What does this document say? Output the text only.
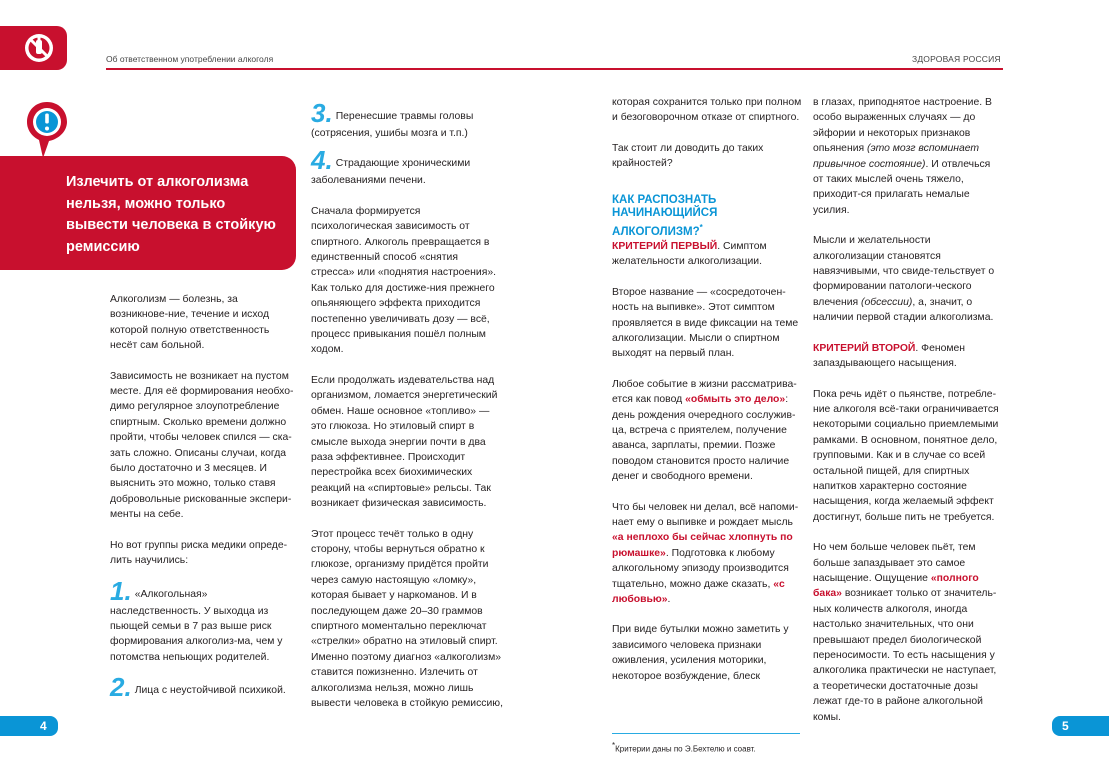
Об ответственном употреблении алкоголя	ЗДОРОВАЯ РОССИЯ
Излечить от алкоголизма нельзя, можно только вывести человека в стойкую ремиссию

Алкоголизм — болезнь, за возникнове-ние, течение и исход которой полную ответственность несёт сам больной.

Зависимость не возникает на пустом месте. Для её формирования необхо-димо регулярное злоупотребление спиртным. Сколько времени должно пройти, чтобы человек спился — ска-зать сложно. Описаны случаи, когда было достаточно и 3 месяцев. И выяснить это можно, только ставя добровольные рискованные экспери-менты на себе.

Но вот группы риска медики опреде-лить научились:

1. «Алкогольная» наследственность. У выходца из пьющей семьи в 7 раз выше риск формирования алкоголиз-ма, чем у потомства непьющих родителей.

2. Лица с неустойчивой психикой.

3. Перенесшие травмы головы (сотрясения, ушибы мозга и т.п.)

4. Страдающие хроническими заболеваниями печени.

Сначала формируется психологическая зависимость от спиртного. Алкоголь превращается в единственный способ «снятия стресса» или «поднятия настроения». Как только для достиже-ния прежнего опьяняющего эффекта приходится постепенно увеличивать дозу — всё, процесс привыкания пошёл полным ходом.

Если продолжать издевательства над организмом, ломается энергетический обмен. Наше основное «топливо» — это глюкоза. Но этиловый спирт в смысле выхода энергии почти в два раза эффективнее. Происходит перестройка всех биохимических реакций на «спиртовые» рельсы. Так возникает физическая зависимость.

Этот процесс течёт только в одну сторону, чтобы вернуться обратно к глюкозе, организму придётся пройти через самую настоящую «ломку», которая бывает у наркоманов. И в последующем даже 20–30 граммов спиртного моментально переключат «стрелки» обратно на этиловый спирт. Именно поэтому диагноз «алкоголизм» ставится пожизненно. Излечить от алкоголизма нельзя, можно лишь вывести человека в стойкую ремиссию,

которая сохранится только при полном и безоговорочном отказе от спиртного.

Так стоит ли доводить до таких крайностей?

КАК РАСПОЗНАТЬ НАЧИНАЮЩИЙСЯ АЛКОГОЛИЗМ?*

КРИТЕРИЙ ПЕРВЫЙ. Симптом желательности алкоголизации.

Второе название — «сосредоточен-ность на выпивке». Этот симптом проявляется в виде фиксации на теме алкоголизации. Мысли о спиртном выходят на первый план.

Любое событие в жизни рассматрива-ется как повод «обмыть это дело»: день рождения очередного сослужив-ца, встреча с приятелем, получение аванса, зарплаты, премии. Позже поводом становится просто наличие денег и свободного времени.

Что бы человек ни делал, всё напоми-нает ему о выпивке и рождает мысль «а неплохо бы сейчас хлопнуть по рюмашке». Подготовка к любому алкогольному эпизоду производится тщательно, можно даже сказать, «с любовью».

При виде бутылки можно заметить у зависимого человека признаки оживления, усиления моторики, некоторое возбуждение, блеск

в глазах, приподнятое настроение. В особо выраженных случаях — до эйфории и некоторых признаков опьянения (это мозг вспоминает привычное состояние). И отвлечься от таких мыслей очень тяжело, приходит-ся прилагать немалые усилия.

Мысли и желательности алкоголизации становятся навязчивыми, что свиде-тельствует о формировании патологи-ческого влечения (обсессии), а, значит, о наличии первой стадии алкоголизма.

КРИТЕРИЙ ВТОРОЙ. Феномен запаздывающего насыщения.

Пока речь идёт о пьянстве, потребле-ние алкоголя всё-таки ограничивается некоторыми социально приемлемыми рамками. В основном, понятное дело, групповыми. Как и в случае со всей остальной пищей, для спиртных напитков характерно состояние насыщения, когда желаемый эффект достигнут, больше пить не требуется.

Но чем больше человек пьёт, тем больше запаздывает это самое насыщение. Ощущение «полного бака» возникает только от значитель-ных количеств алкоголя, иногда настолько значительных, что они превышают предел биологической переносимости. То есть насыщения у алкоголика практически не наступает, а теоретически достаточные дозы лежат где-то в районе алкогольной комы.

*Критерии даны по Э.Бехтелю и соавт.
4	5
